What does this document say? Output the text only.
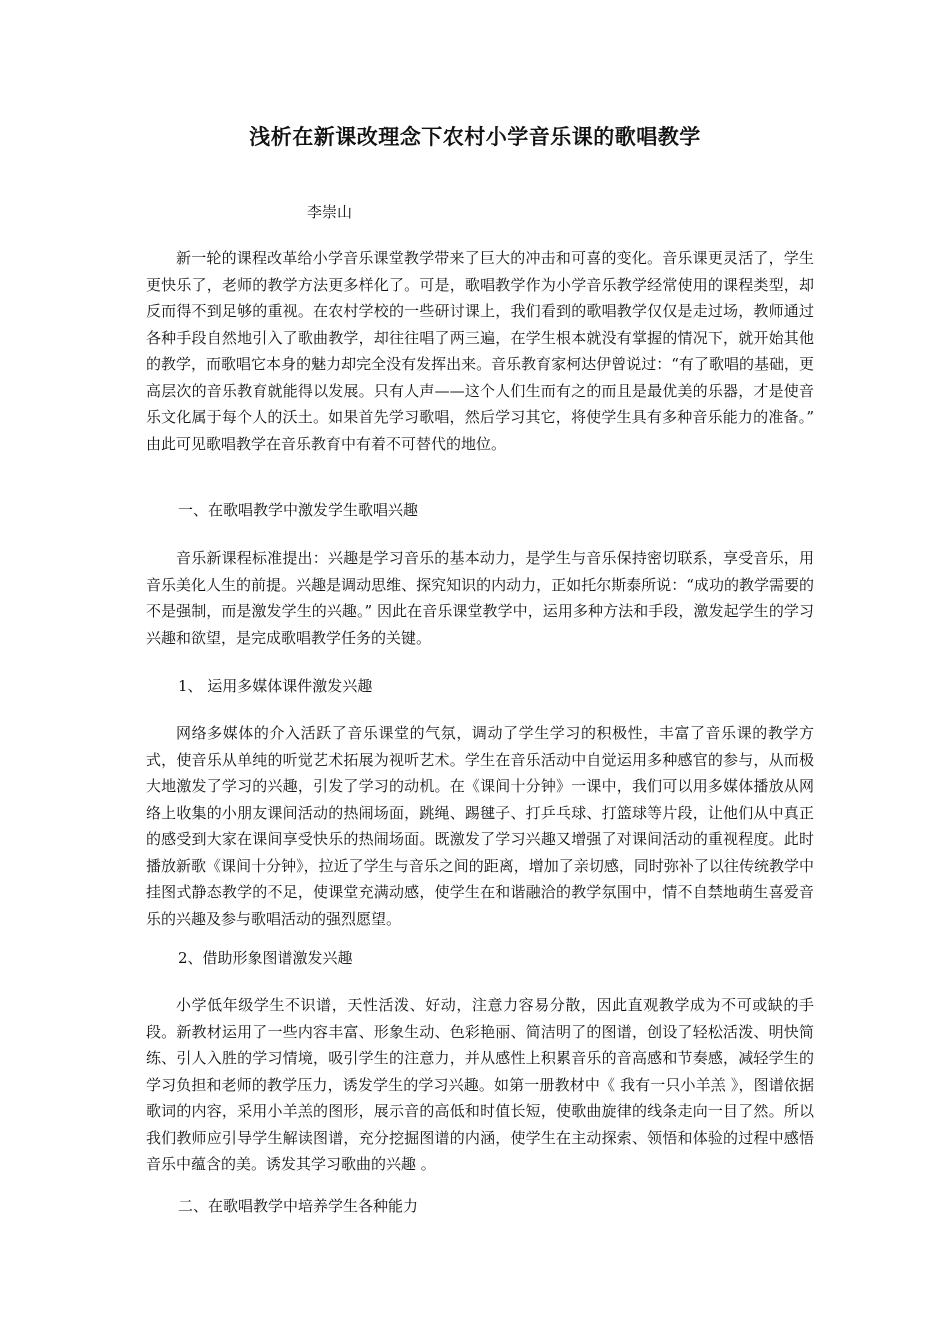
浅析在新课改理念下农村小学音乐课的歌唱教学
李崇山
新一轮的课程改革给小学音乐课堂教学带来了巨大的冲击和可喜的变化。音乐课更灵活了，学生更快乐了，老师的教学方法更多样化了。可是，歌唱教学作为小学音乐教学经常使用的课程类型，却反而得不到足够的重视。在农村学校的一些研讨课上，我们看到的歌唱教学仅仅是走过场，教师通过各种手段自然地引入了歌曲教学，却往往唱了两三遍，在学生根本就没有掌握的情况下，就开始其他的教学，而歌唱它本身的魅力却完全没有发挥出来。音乐教育家柯达伊曾说过：“有了歌唱的基础，更高层次的音乐教育就能得以发展。只有人声——这个人们生而有之的而且是最优美的乐器，才是使音乐文化属于每个人的沃土。如果首先学习歌唱，然后学习其它，将使学生具有多种音乐能力的准备。” 由此可见歌唱教学在音乐教育中有着不可替代的地位。
一、在歌唱教学中激发学生歌唱兴趣
音乐新课程标准提出：兴趣是学习音乐的基本动力，是学生与音乐保持密切联系，享受音乐，用音乐美化人生的前提。兴趣是调动思维、探究知识的内动力，正如托尔斯泰所说：“成功的教学需要的不是强制，而是激发学生的兴趣。” 因此在音乐课堂教学中，运用多种方法和手段，激发起学生的学习兴趣和欲望，是完成歌唱教学任务的关键。
1、 运用多媒体课件激发兴趣
网络多媒体的介入活跃了音乐课堂的气氛，调动了学生学习的积极性，丰富了音乐课的教学方式，使音乐从单纯的听觉艺术拓展为视听艺术。学生在音乐活动中自觉运用多种感官的参与，从而极大地激发了学习的兴趣，引发了学习的动机。在《课间十分钟》一课中，我们可以用多媒体播放从网络上收集的小朋友课间活动的热闹场面，跳绳、踢毽子、打乒乓球、打篮球等片段，让他们从中真正的感受到大家在课间享受快乐的热闹场面。既激发了学习兴趣又增强了对课间活动的重视程度。此时播放新歌《课间十分钟》，拉近了学生与音乐之间的距离，增加了亲切感，同时弥补了以往传统教学中挂图式静态教学的不足，使课堂充满动感，使学生在和谐融洽的教学氛围中，情不自禁地萌生喜爱音乐的兴趣及参与歌唱活动的强烈愿望。
2、借助形象图谱激发兴趣
小学低年级学生不识谱，天性活泼、好动，注意力容易分散，因此直观教学成为不可或缺的手段。新教材运用了一些内容丰富、形象生动、色彩艳丽、简洁明了的图谱，创设了轻松活泼、明快简练、引人入胜的学习情境，吸引学生的注意力，并从感性上积累音乐的音高感和节奏感，减轻学生的学习负担和老师的教学压力，诱发学生的学习兴趣。如第一册教材中《 我有一只小羊羔 》，图谱依据歌词的内容，采用小羊羔的图形，展示音的高低和时值长短，使歌曲旋律的线条走向一目了然。所以我们教师应引导学生解读图谱，充分挖掘图谱的内涵，使学生在主动探索、领悟和体验的过程中感悟音乐中蕴含的美。诱发其学习歌曲的兴趣 。
二、在歌唱教学中培养学生各种能力
